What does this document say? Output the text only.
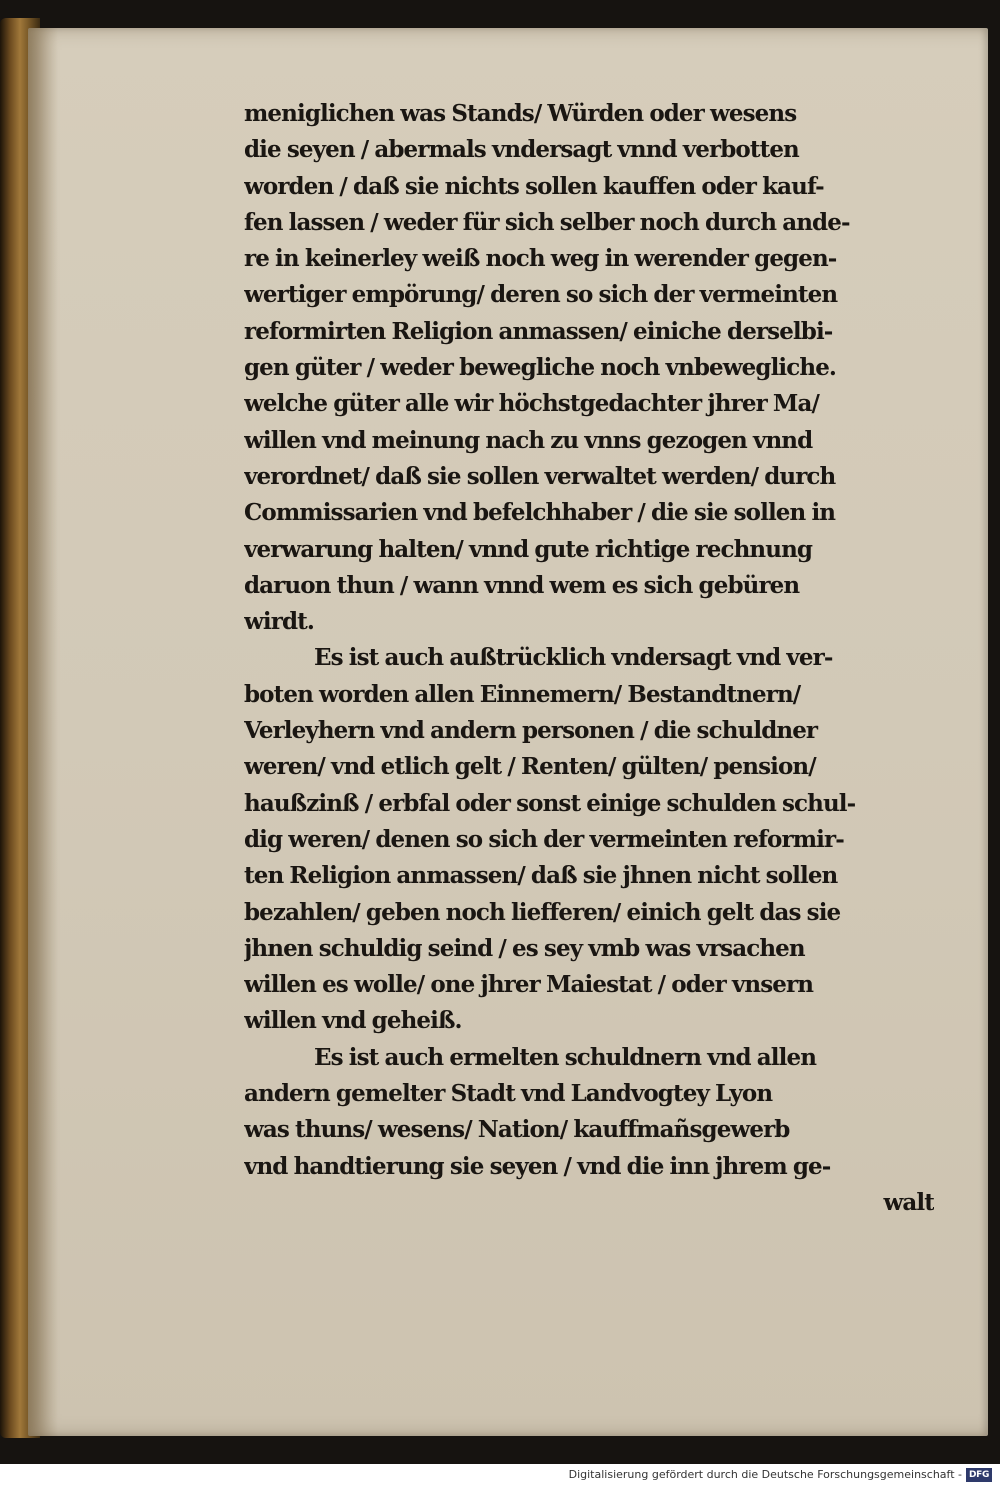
meniglichen was Stands/ Würden oder wesens
die seyen / abermals vndersagt vnnd verbotten
worden / daß sie nichts sollen kauffen oder kauf-
fen lassen / weder für sich selber noch durch ande-
re in keinerley weiß noch weg in werender gegen-
wertiger empörung/ deren so sich der vermeinten
reformirten Religion anmassen/ einiche derselbi-
gen güter / weder bewegliche noch vnbewegliche.
welche güter alle wir höchstgedachter jhrer Ma/
willen vnd meinung nach zu vnns gezogen vnnd
verordnet/ daß sie sollen verwaltet werden/ durch
Commissarien vnd befelchhaber / die sie sollen in
verwarung halten/ vnnd gute richtige rechnung
daruon thun / wann vnnd wem es sich gebüren
wirdt.
Es ist auch außtrücklich vndersagt vnd ver-
boten worden allen Einnemern/ Bestandtnern/
Verleyhern vnd andern personen / die schuldner
weren/ vnd etlich gelt / Renten/ gülten/ pension/
haußzinß / erbfal oder sonst einige schulden schul-
dig weren/ denen so sich der vermeinten reformir-
ten Religion anmassen/ daß sie jhnen nicht sollen
bezahlen/ geben noch liefferen/ einich gelt das sie
jhnen schuldig seind / es sey vmb was vrsachen
willen es wolle/ one jhrer Maiestat / oder vnsern
willen vnd geheiß.
Es ist auch ermelten schuldnern vnd allen
andern gemelter Stadt vnd Landvogtey Lyon
was thuns/ wesens/ Nation/ kauffmañsgewerb
vnd handtierung sie seyen / vnd die inn jhrem ge-
walt
Digitalisierung gefördert durch die Deutsche Forschungsgemeinschaft - DFG
